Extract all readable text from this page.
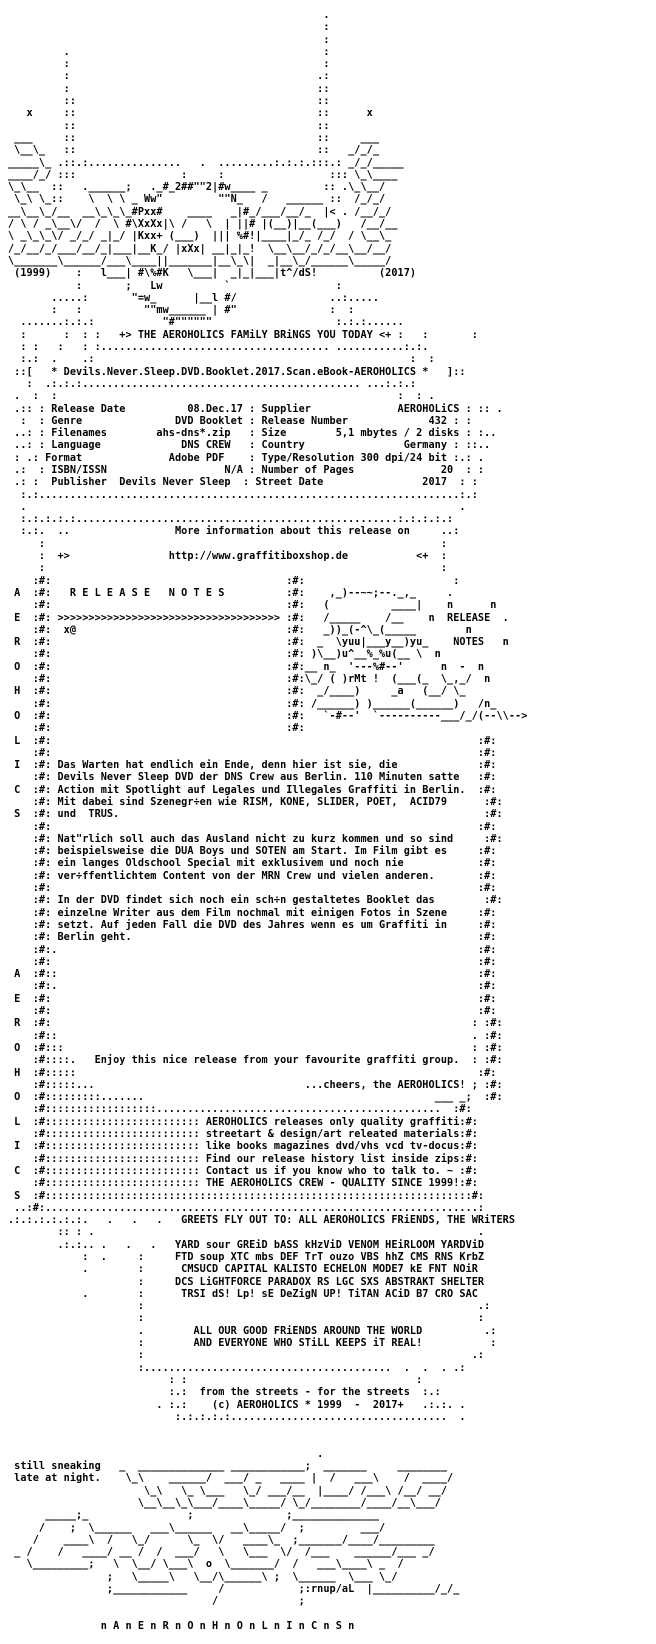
.
:
:
.                                         :
:                                         :
:                                        .:
:                                        ::
::                                       ::
x     ::                                       ::      x
::                                       ::
___     ::                                       ::     ___
\__\_   ::                                       ::   _/_/_
_____\_ .::.:...............   .  .........:.:.:.:::.: _/_/_____
____/_/ :::                 :     :                 ::: \_\____
\_\__  ::   .______;   ._#_2##""2|#w____ _         :: .\_\__/
\_\ \_::    \  \ \ _ Ww"         ""N_   /   ______ ::  /_/_/
__\__\_/__  __\_\_\_#Pxx#    ____   _|#_/___/__/_  |< . /__/_/
/ \ / _\__\/  /  \ #\XxXx|\ /   \  | ||# |(__)|__(___)   /__/__
\ _\_\_\/ _/_/ _|_/ |Kxx+ (___)  ||| %#!|____|_/_ /_/  / \__\_
/_/__/_/___/__/_|___|__K_/ |xXx| __|_|_!  \__\__/_/_/__\__/__/
\_______\______/___\____||_______|__\_\|  _|__\_/______\_____/
(1999)    :   l___| #\%#K   \___|  _|_|___|t^/dS!          (2017)
:       ;   Lw          `                 :
.....:       "=w_      |__l #/               ..:.....
:   :          ""mw______ | #"               :  :
.......:.:.:           "#""""""                    :.:.:......
:      :  : :   +> THE AEROHOLICS FAMiLY BRiNGS YOU TODAY <+ :   :       :
: :   :   : :..................................... ...........:.:.
:.:  .    .:                                                   :  :
::[   * Devils.Never.Sleep.DVD.Booklet.2017.Scan.eBook-AEROHOLICS *   ]::
:  .:.:.:............................................. ...:.:.:
.  :  :                                                       :  : .
.:: : Release Date          08.Dec.17 : Supplier              AEROHOLiCS : :: .
:  : Genre               DVD Booklet : Release Number             432 : :
..: : Filenames        ahs-dns*.zip   : Size        5,1 mbytes / 2 disks : :..
..: : Language             DNS CREW   : Country                Germany : ::..
: .: Format              Adobe PDF    : Type/Resolution 300 dpi/24 bit :.: .
.:  : ISBN/ISSN                   N/A : Number of Pages              20  : :
.: :  Publisher  Devils Never Sleep  : Street Date                2017  : :
:.:....................................................................:.:
.                                                                      .
:.:.:.:.:....................................................:.:.:.:.:
:.:.  ..                 More information about this release on     ..:
:                                                                :
:  +>                http://www.graffitiboxshop.de           <+  :
:                                                                :
:#:                                      :#:                        :
A  :#:   R E L E A S E   N O T E S          :#:    ,_)--~~;--._,_     .
:#:                                      :#:   (          ____|    n      n
E  :#: >>>>>>>>>>>>>>>>>>>>>>>>>>>>>>>>>>>> :#:   /_____    /__    n  RELEASE  .
:#:  x@                                  :#:   _))_(-^\_(_____        n
R  :#:                                      :#:  _  \yuu|___y__)yu_    NOTES   n
:#:                                      :#: )\__)u^__%_%u(__ \  n
O  :#:                                      :#:__ n_  '---%#--'      n  -  n
:#:                                      :#:\_/ ( )rMt !  (___(_  \_,_/  n
H  :#:                                      :#:  _/____)     _a   (__/ \_
:#:                                      :#: /______) )______(______)   /n_
O  :#:                                      :#:   `-#--'  `----------___/_/(--\\-->
:#:                                      :#:
L  :#:                                                                     :#:
:#:                                                                     :#:
I  :#: Das Warten hat endlich ein Ende, denn hier ist sie, die             :#:
:#: Devils Never Sleep DVD der DNS Crew aus Berlin. 110 Minuten satte   :#:
C  :#: Action mit Spotlight auf Legales und Illegales Graffiti in Berlin.  :#:
:#: Mit dabei sind Szenegr÷en wie RISM, KONE, SLIDER, POET,  ACID79      :#:
S  :#: und  TRUS.                                                           :#:
:#:                                                                     :#:
:#: Nat"rlich soll auch das Ausland nicht zu kurz kommen und so sind     :#:
:#: beispielsweise die DUA Boys und SOTEN am Start. Im Film gibt es     :#:
:#: ein langes Oldschool Special mit exklusivem und noch nie            :#:
:#: ver÷ffentlichtem Content von der MRN Crew und vielen anderen.       :#:
:#:                                                                     :#:
:#: In der DVD findet sich noch ein sch÷n gestaltetes Booklet das        :#:
:#: einzelne Writer aus dem Film nochmal mit einigen Fotos in Szene     :#:
:#: setzt. Auf jeden Fall die DVD des Jahres wenn es um Graffiti in     :#:
:#: Berlin geht.                                                        :#:
:#:.                                                                    :#:
:#:                                                                     :#:
A  :#::                                                                    :#:
:#:.                                                                    :#:
E  :#:                                                                     :#:
:#:                                                                     :#:
R  :#:                                                                    : :#:
:#::                                                                   . :#:
O  :#:::                                                                  : :#:
:#::::.   Enjoy this nice release from your favourite graffiti group.  : :#:
H  :#:::::                                                                 :#:
:#:::::...                                  ...cheers, the AEROHOLICS! ; :#:
O  :#:::::::::.......                                               ___ _;  :#:
:#::::::::::::::::::..............................................  :#:
L  :#::::::::::::::::::::::::: AEROHOLICS releases only quality graffiti:#:
:#::::::::::::::::::::::::: streetart & design/art releated materials:#:
I  :#::::::::::::::::::::::::: like books magazines dvd/vhs vcd tv-docus:#:
:#::::::::::::::::::::::::: Find our release history list inside zips:#:
C  :#::::::::::::::::::::::::: Contact us if you know who to talk to. ~ :#:
:#::::::::::::::::::::::::: THE AEROHOLICS CREW - QUALITY SINCE 1999!:#:
S  :#:::::::::::::::::::::::::::::::::::::::::::::::::::::::::::::::::::::#:
..:#:......................................................................:
.:.:.:.:.:.:.   .   .   .   GREETS FLY OUT TO: ALL AEROHOLICS FRiENDS, THE WRiTERS
:: : .                                                              .
.:.:.. .   .   .   YARD sour GREiD bASS kHzViD VENOM HEiRLOOM YARDViD
:  .     :     FTD soup XTC mbs DEF TrT ouzo VBS hhZ CMS RNS KrbZ
.        :      CMSUCD CAPITAL KALISTO ECHELON MODE7 kE FNT NOiR
:     DCS LiGHTFORCE PARADOX RS LGC SXS ABSTRAKT SHELTER
.        :      TRSI dS! Lp! sE DeZigN UP! TiTAN ACiD B7 CRO SAC
:                                                      .:
:                                                      :
.        ALL OUR GOOD FRiENDS AROUND THE WORLD          .:
:        AND EVERYONE WHO STiLL KEEPS iT REAL!           :
:                                                     .:
:........................................  .  .  . .:
: :                                     :
:.:  from the streets - for the streets  :.:
. :.:    (c) AEROHOLICS * 1999  -  2017+   .:.:. .
:.:.:.:.:...................................  .

.
still sneaking   _  ______________ ____________;  _______     ________
late at night.    \_\    ______/  ___/ _   ____ |  /   ___\    /  ____/
\_\   \_ \___   \_/ ___/__  |____/ /___\ /__/ __/
\__\__\_\___/____\_____/ \_/________/____/__\___/
_____;_                ;               ;______________
/    ;  \______   ___\______   __\_____/  ;         ___/
/    ____\  /   \_/      \_  \/   ____\_  ;_______/____/_________
_ /    /   ____/ __ /  /  ___/   \   \___  \/  /___    ______/___ _/
\_________;   \  \__/ \___\  o  \_______/  /   ___\____\ _  /
;   \_____\   \__/\______\ ;  \______  \___ \_/
;____________     /            ;:rnup/aL  |__________/_/_
/             ;

n A n E n R n O n H n O n L n I n C n S n
